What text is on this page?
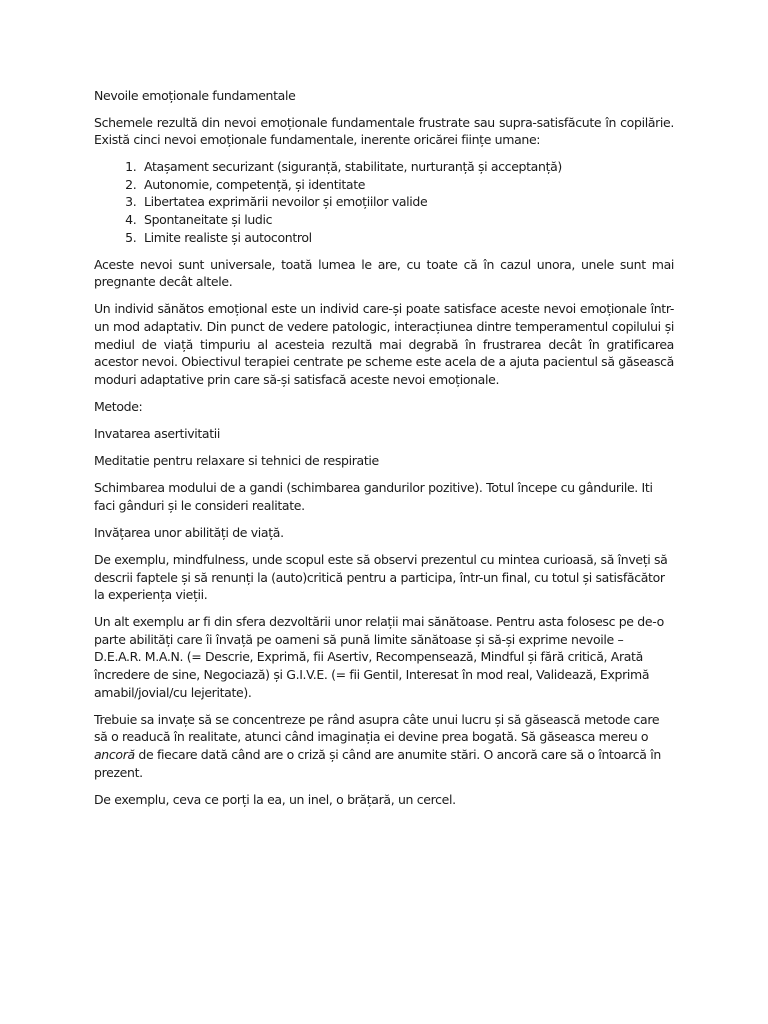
Nevoile emoționale fundamentale

Schemele rezultă din nevoi emoționale fundamentale frustrate sau supra-satisfăcute în copilărie. Există cinci nevoi emoționale fundamentale, inerente oricărei ființe umane:

1. Atașament securizant (siguranță, stabilitate, nurturanță și acceptanță)
2. Autonomie, competență, și identitate
3. Libertatea exprimării nevoilor și emoțiilor valide
4. Spontaneitate și ludic
5. Limite realiste și autocontrol

Aceste nevoi sunt universale, toată lumea le are, cu toate că în cazul unora, unele sunt mai pregnante decât altele.

Un individ sănătos emoțional este un individ care-și poate satisface aceste nevoi emoționale într-un mod adaptativ. Din punct de vedere patologic, interacțiunea dintre temperamentul copilului și mediul de viață timpuriu al acesteia rezultă mai degrabă în frustrarea decât în gratificarea acestor nevoi. Obiectivul terapiei centrate pe scheme este acela de a ajuta pacientul să găsească moduri adaptative prin care să-și satisfacă aceste nevoi emoționale.

Metode:

Invatarea asertivitatii

Meditatie pentru relaxare si tehnici de respiratie

Schimbarea modului de a gandi (schimbarea gandurilor pozitive). Totul începe cu gândurile. Iti faci gânduri și le consideri realitate.

Invățarea unor abilități de viață.

De exemplu, mindfulness, unde scopul este să observi prezentul cu mintea curioasă, să înveți să descrii faptele și să renunți la (auto)critică pentru a participa, într-un final, cu totul și satisfăcător la experiența vieții.

Un alt exemplu ar fi din sfera dezvoltării unor relații mai sănătoase. Pentru asta folosesc pe de-o parte abilități care îi învață pe oameni să pună limite sănătoase și să-și exprime nevoile – D.E.A.R. M.A.N. (= Descrie, Exprimă, fii Asertiv, Recompensează, Mindful și fără critică, Arată încredere de sine, Negociază) și G.I.V.E. (= fii Gentil, Interesat în mod real, Validează, Exprimă amabil/jovial/cu lejeritate).

Trebuie sa invațe să se concentreze pe rând asupra câte unui lucru și să găsească metode care să o readucă în realitate, atunci când imaginația ei devine prea bogată. Să găseasca mereu o ancoră de fiecare dată când are o criză și când are anumite stări. O ancoră care să o întoarcă în prezent.

De exemplu, ceva ce porți la ea, un inel, o brățară, un cercel.
